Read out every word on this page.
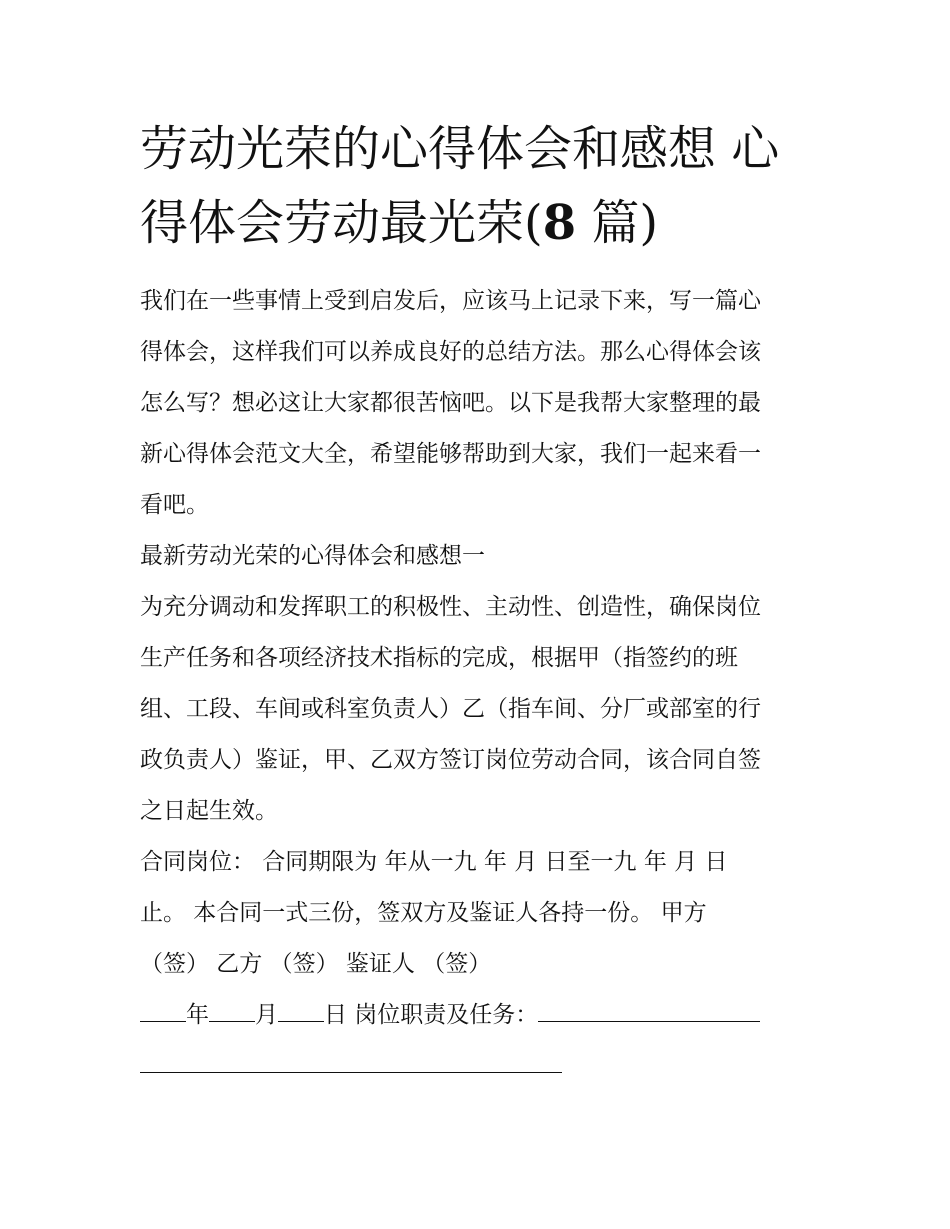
劳动光荣的心得体会和感想 心
得体会劳动最光荣(8 篇)

我们在一些事情上受到启发后，应该马上记录下来，写一篇心

得体会，这样我们可以养成良好的总结方法。那么心得体会该

怎么写？想必这让大家都很苦恼吧。以下是我帮大家整理的最

新心得体会范文大全，希望能够帮助到大家，我们一起来看一

看吧。

最新劳动光荣的心得体会和感想一

为充分调动和发挥职工的积极性、主动性、创造性，确保岗位

生产任务和各项经济技术指标的完成，根据甲（指签约的班

组、工段、车间或科室负责人）乙（指车间、分厂或部室的行

政负责人）鉴证，甲、乙双方签订岗位劳动合同，该合同自签

之日起生效。

合同岗位： 合同期限为 年从一九 年 月 日至一九 年 月 日

止。 本合同一式三份，签双方及鉴证人各持一份。 甲方

（签） 乙方 （签） 鉴证人 （签）

年 月 日 岗位职责及任务：
